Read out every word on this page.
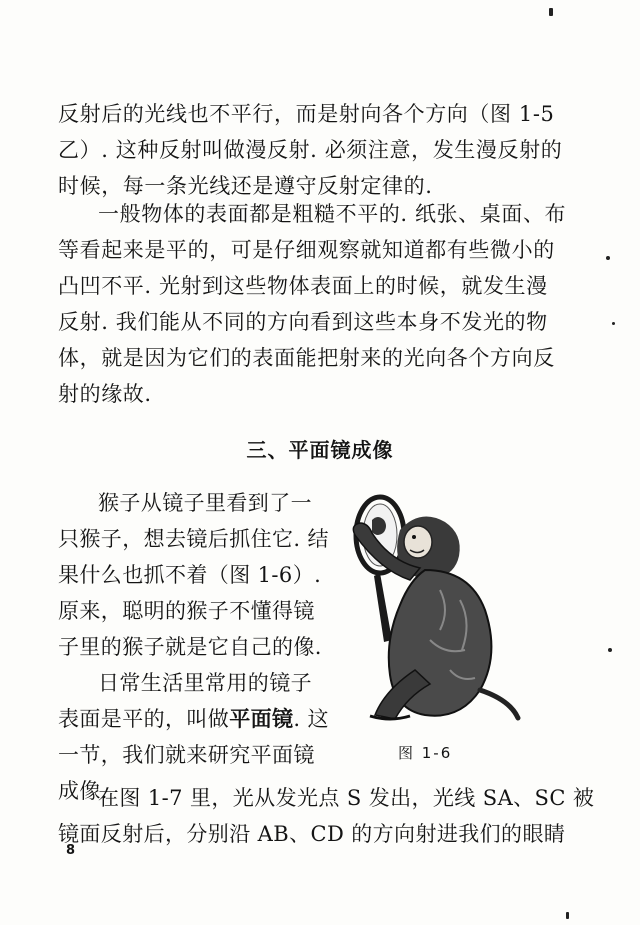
反射后的光线也不平行，而是射向各个方向（图 1-5
乙）. 这种反射叫做漫反射. 必须注意，发生漫反射的
时候，每一条光线还是遵守反射定律的.
一般物体的表面都是粗糙不平的. 纸张、桌面、布
等看起来是平的，可是仔细观察就知道都有些微小的
凸凹不平. 光射到这些物体表面上的时候，就发生漫
反射. 我们能从不同的方向看到这些本身不发光的物
体，就是因为它们的表面能把射来的光向各个方向反
射的缘故.
三、平面镜成像
猴子从镜子里看到了一
只猴子，想去镜后抓住它. 结
果什么也抓不着（图 1-6）.
原来，聪明的猴子不懂得镜
子里的猴子就是它自己的像.
日常生活里常用的镜子
表面是平的，叫做平面镜. 这
一节，我们就来研究平面镜
成像.
图 1-6
在图 1-7 里，光从发光点 S 发出，光线 SA、SC 被
镜面反射后，分别沿 AB、CD 的方向射进我们的眼睛
8
